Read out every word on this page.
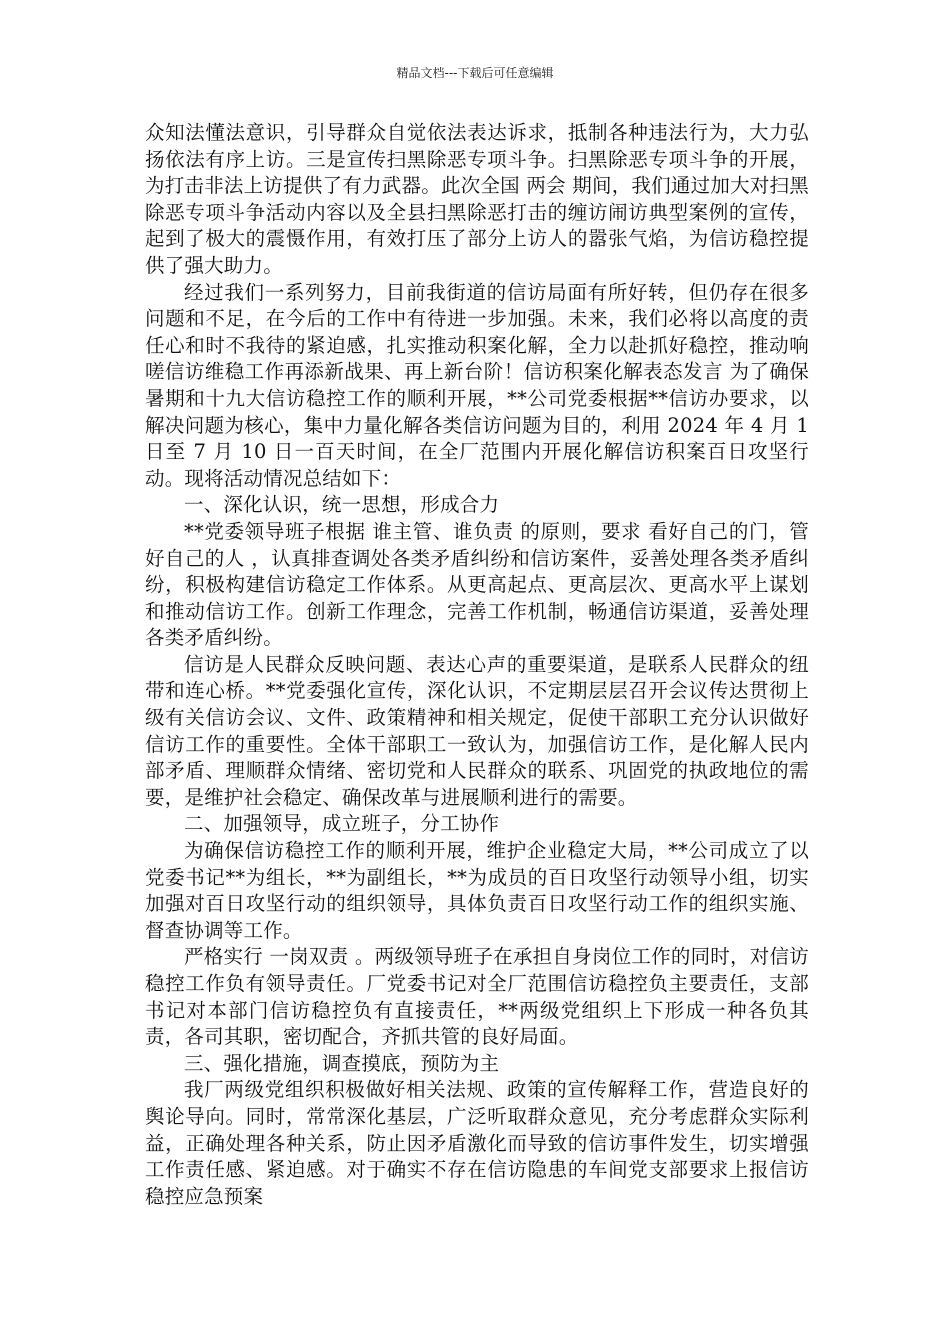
精品文档---下载后可任意编辑

众知法懂法意识，引导群众自觉依法表达诉求，抵制各种违法行为，大力弘扬依法有序上访。三是宣传扫黑除恶专项斗争。扫黑除恶专项斗争的开展，为打击非法上访提供了有力武器。此次全国 两会 期间，我们通过加大对扫黑除恶专项斗争活动内容以及全县扫黑除恶打击的缠访闹访典型案例的宣传，起到了极大的震慑作用，有效打压了部分上访人的嚣张气焰，为信访稳控提供了强大助力。

经过我们一系列努力，目前我街道的信访局面有所好转，但仍存在很多问题和不足，在今后的工作中有待进一步加强。未来，我们必将以高度的责任心和时不我待的紧迫感，扎实推动积案化解，全力以赴抓好稳控，推动响嗟信访维稳工作再添新战果、再上新台阶！信访积案化解表态发言 为了确保暑期和十九大信访稳控工作的顺利开展，**公司党委根据**信访办要求，以解决问题为核心，集中力量化解各类信访问题为目的，利用 2024 年 4 月 1 日至 7 月 10 日一百天时间，在全厂范围内开展化解信访积案百日攻坚行动。现将活动情况总结如下：

一、深化认识，统一思想，形成合力

**党委领导班子根据 谁主管、谁负责 的原则，要求 看好自己的门，管好自己的人 ，认真排查调处各类矛盾纠纷和信访案件，妥善处理各类矛盾纠纷，积极构建信访稳定工作体系。从更高起点、更高层次、更高水平上谋划和推动信访工作。创新工作理念，完善工作机制，畅通信访渠道，妥善处理各类矛盾纠纷。

信访是人民群众反映问题、表达心声的重要渠道，是联系人民群众的纽带和连心桥。**党委强化宣传，深化认识，不定期层层召开会议传达贯彻上级有关信访会议、文件、政策精神和相关规定，促使干部职工充分认识做好信访工作的重要性。全体干部职工一致认为，加强信访工作，是化解人民内部矛盾、理顺群众情绪、密切党和人民群众的联系、巩固党的执政地位的需要，是维护社会稳定、确保改革与进展顺利进行的需要。

二、加强领导，成立班子，分工协作

为确保信访稳控工作的顺利开展，维护企业稳定大局，**公司成立了以党委书记**为组长，**为副组长，**为成员的百日攻坚行动领导小组，切实加强对百日攻坚行动的组织领导，具体负责百日攻坚行动工作的组织实施、督查协调等工作。

严格实行 一岗双责 。两级领导班子在承担自身岗位工作的同时，对信访稳控工作负有领导责任。厂党委书记对全厂范围信访稳控负主要责任，支部书记对本部门信访稳控负有直接责任，**两级党组织上下形成一种各负其责，各司其职，密切配合，齐抓共管的良好局面。

三、强化措施，调查摸底，预防为主

我厂两级党组织积极做好相关法规、政策的宣传解释工作，营造良好的舆论导向。同时，常常深化基层，广泛听取群众意见，充分考虑群众实际利益，正确处理各种关系，防止因矛盾激化而导致的信访事件发生，切实增强工作责任感、紧迫感。对于确实不存在信访隐患的车间党支部要求上报信访稳控应急预案
